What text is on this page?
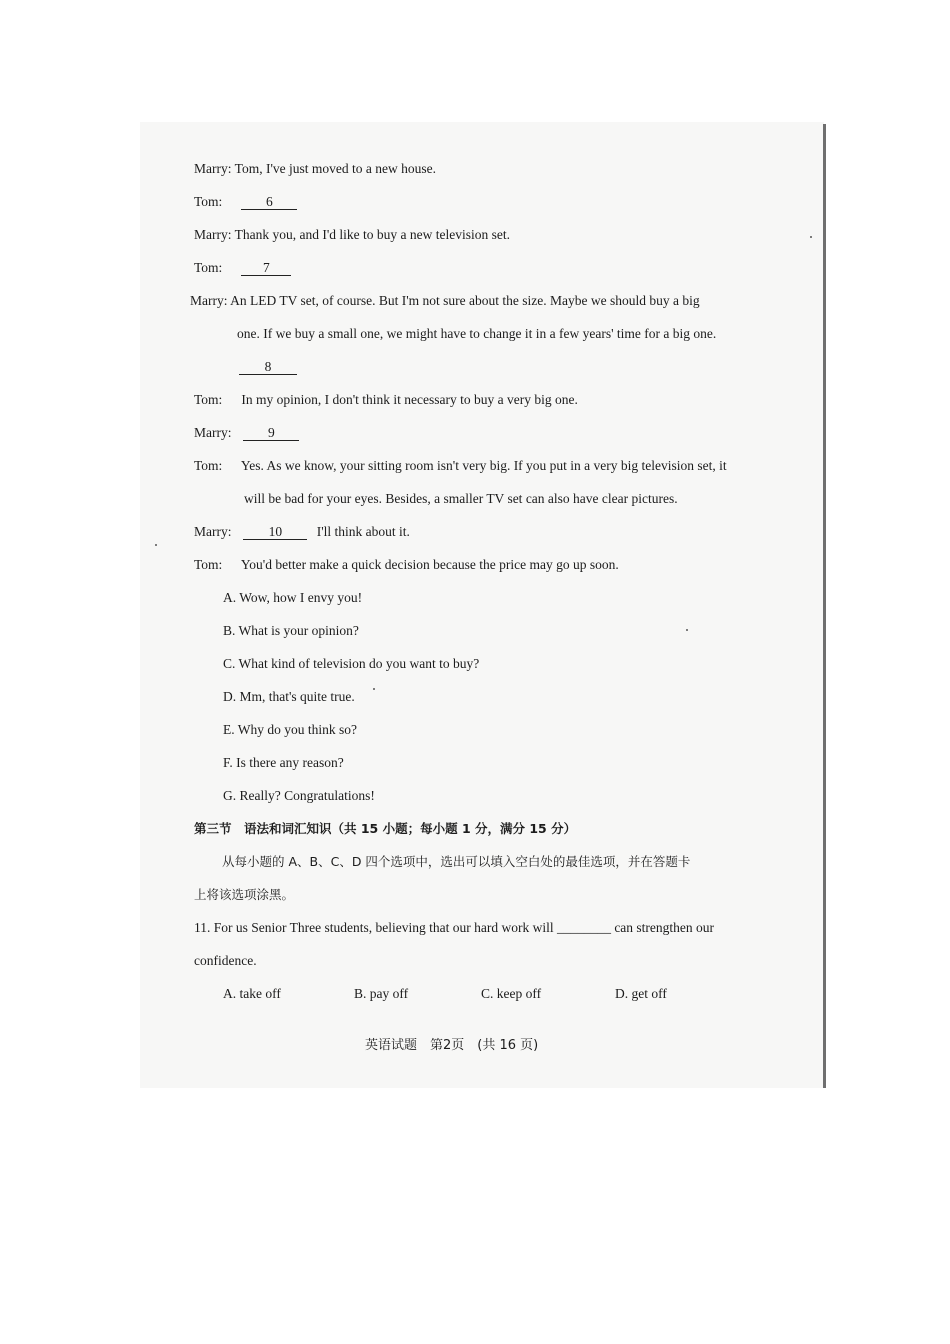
Marry: Tom, I've just moved to a new house.
Tom:	6
Marry: Thank you, and I'd like to buy a new television set.
Tom:	7
Marry: An LED TV set, of course. But I'm not sure about the size. Maybe we should buy a big
one. If we buy a small one, we might have to change it in a few years' time for a big one.
8
Tom: In my opinion, I don't think it necessary to buy a very big one.
Marry:	9
Tom: Yes. As we know, your sitting room isn't very big. If you put in a very big television set, it
will be bad for your eyes. Besides, a smaller TV set can also have clear pictures.
Marry:	10	I'll think about it.
Tom: You'd better make a quick decision because the price may go up soon.
A. Wow, how I envy you!
B. What is your opinion?
C. What kind of television do you want to buy?
D. Mm, that's quite true.
E. Why do you think so?
F. Is there any reason?
G. Really? Congratulations!
第三节　语法和词汇知识（共 15 小题；每小题 1 分，满分 15 分）
从每小题的 A、B、C、D 四个选项中，选出可以填入空白处的最佳选项，并在答题卡
上将该选项涂黑。
11. For us Senior Three students, believing that our hard work will ________ can strengthen our
confidence.
A. take off	B. pay off	C. keep off	D. get off
英语试题　第2页　(共 16 页)
